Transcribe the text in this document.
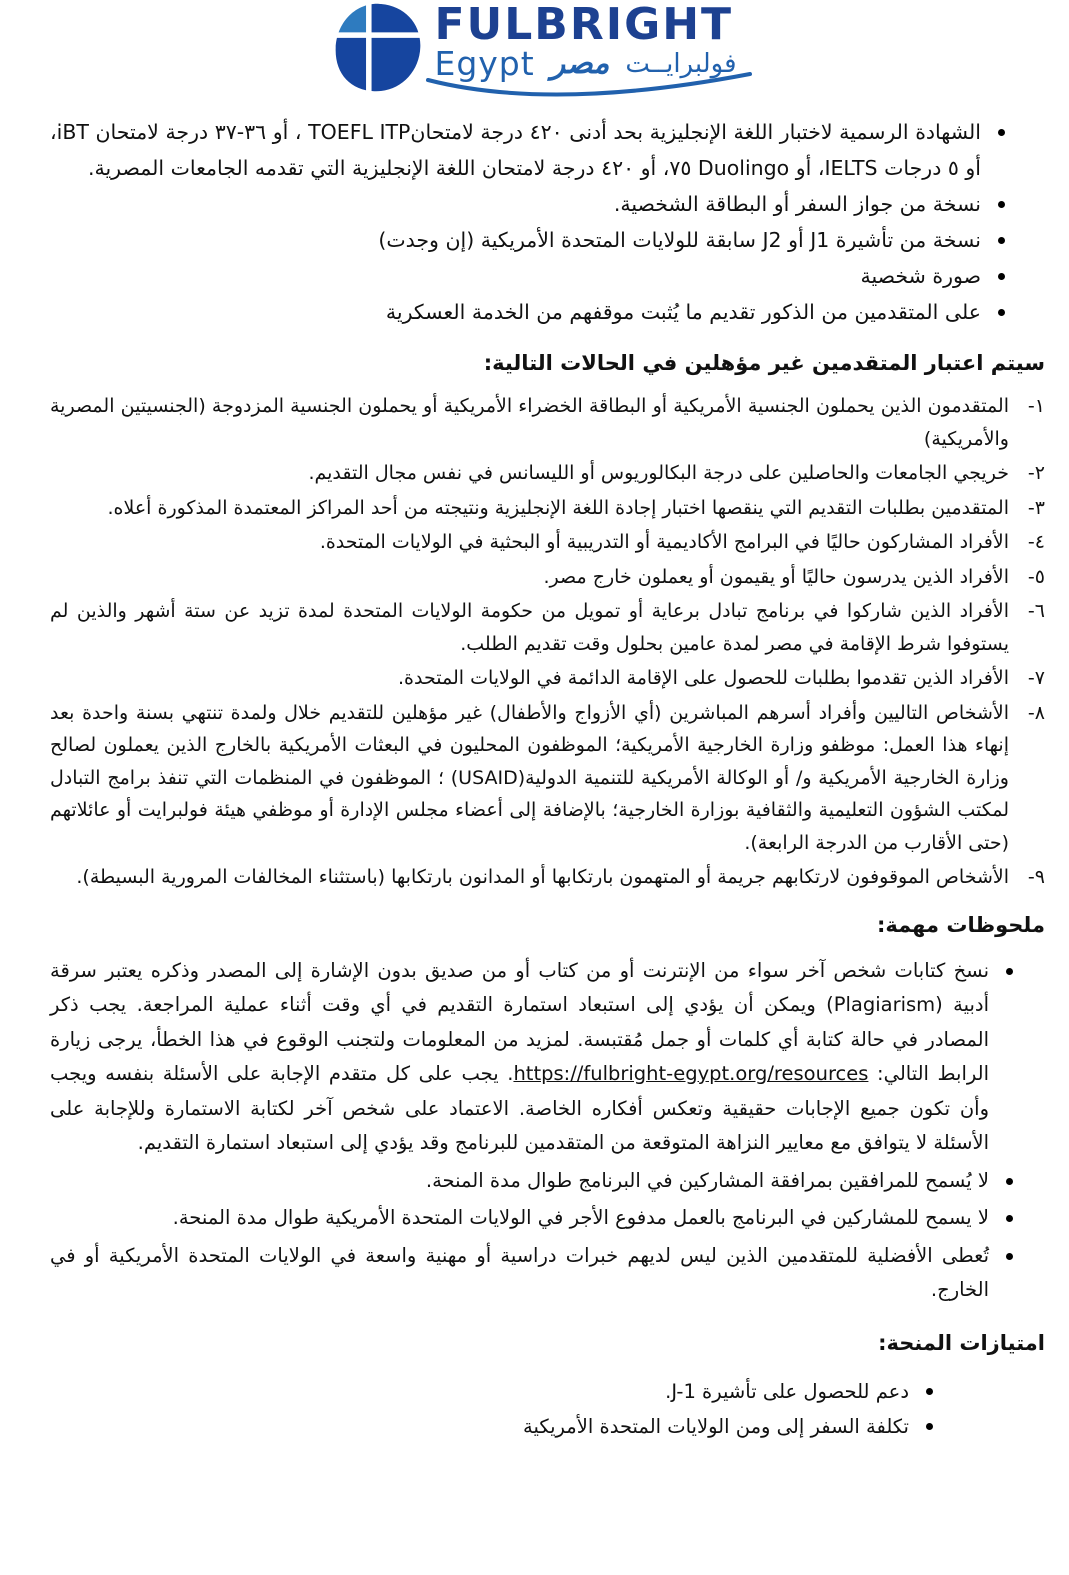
FULBRIGHT
Egypt مصر فولبرايــت
الشهادة الرسمية لاختبار اللغة الإنجليزية بحد أدنى ٤٢٠ درجة لامتحانTOEFL ITP ، أو ٣٦-٣٧ درجة لامتحان iBT، أو ٥ درجات IELTS، أو Duolingo ٧٥، أو ٤٢٠ درجة لامتحان اللغة الإنجليزية التي تقدمه الجامعات المصرية.
نسخة من جواز السفر أو البطاقة الشخصية.
نسخة من تأشيرة J1 أو J2 سابقة للولايات المتحدة الأمريكية (إن وجدت)
صورة شخصية
على المتقدمين من الذكور تقديم ما يُثبت موقفهم من الخدمة العسكرية
سيتم اعتبار المتقدمين غير مؤهلين في الحالات التالية:
١-
المتقدمون الذين يحملون الجنسية الأمريكية أو البطاقة الخضراء الأمريكية أو يحملون الجنسية المزدوجة (الجنسيتين المصرية والأمريكية)
٢-
خريجي الجامعات والحاصلين على درجة البكالوريوس أو الليسانس في نفس مجال التقديم.
٣-
المتقدمين بطلبات التقديم التي ينقصها اختبار إجادة اللغة الإنجليزية ونتيجته من أحد المراكز المعتمدة المذكورة أعلاه.
٤-
الأفراد المشاركون حاليًا في البرامج الأكاديمية أو التدريبية أو البحثية في الولايات المتحدة.
٥-
الأفراد الذين يدرسون حاليًا أو يقيمون أو يعملون خارج مصر.
٦-
الأفراد الذين شاركوا في برنامج تبادل برعاية أو تمويل من حكومة الولايات المتحدة لمدة تزيد عن ستة أشهر والذين لم يستوفوا شرط الإقامة في مصر لمدة عامين بحلول وقت تقديم الطلب.
٧-
الأفراد الذين تقدموا بطلبات للحصول على الإقامة الدائمة في الولايات المتحدة.
٨-
الأشخاص التاليين وأفراد أسرهم المباشرين (أي الأزواج والأطفال) غير مؤهلين للتقديم خلال ولمدة تنتهي بسنة واحدة بعد إنهاء هذا العمل: موظفو وزارة الخارجية الأمريكية؛ الموظفون المحليون في البعثات الأمريكية بالخارج الذين يعملون لصالح وزارة الخارجية الأمريكية و/ أو الوكالة الأمريكية للتنمية الدولية(USAID) ؛ الموظفون في المنظمات التي تنفذ برامج التبادل لمكتب الشؤون التعليمية والثقافية بوزارة الخارجية؛ بالإضافة إلى أعضاء مجلس الإدارة أو موظفي هيئة فولبرايت أو عائلاتهم (حتى الأقارب من الدرجة الرابعة).
٩-
الأشخاص الموقوفون لارتكابهم جريمة أو المتهمون بارتكابها أو المدانون بارتكابها (باستثناء المخالفات المرورية البسيطة).
ملحوظات مهمة:
نسخ كتابات شخص آخر سواء من الإنترنت أو من كتاب أو من صديق بدون الإشارة إلى المصدر وذكره يعتبر سرقة أدبية (Plagiarism) ويمكن أن يؤدي إلى استبعاد استمارة التقديم في أي وقت أثناء عملية المراجعة. يجب ذكر المصادر في حالة كتابة أي كلمات أو جمل مُقتبسة. لمزيد من المعلومات ولتجنب الوقوع في هذا الخطأ، يرجى زيارة الرابط التالي: https://fulbright-egypt.org/resources. يجب على كل متقدم الإجابة على الأسئلة بنفسه ويجب وأن تكون جميع الإجابات حقيقية وتعكس أفكاره الخاصة. الاعتماد على شخص آخر لكتابة الاستمارة وللإجابة على الأسئلة لا يتوافق مع معايير النزاهة المتوقعة من المتقدمين للبرنامج وقد يؤدي إلى استبعاد استمارة التقديم.
لا يُسمح للمرافقين بمرافقة المشاركين في البرنامج طوال مدة المنحة.
لا يسمح للمشاركين في البرنامج بالعمل مدفوع الأجر في الولايات المتحدة الأمريكية طوال مدة المنحة.
تُعطى الأفضلية للمتقدمين الذين ليس لديهم خبرات دراسية أو مهنية واسعة في الولايات المتحدة الأمريكية أو في الخارج.
امتيازات المنحة:
دعم للحصول على تأشيرة J-1.
تكلفة السفر إلى ومن الولايات المتحدة الأمريكية
